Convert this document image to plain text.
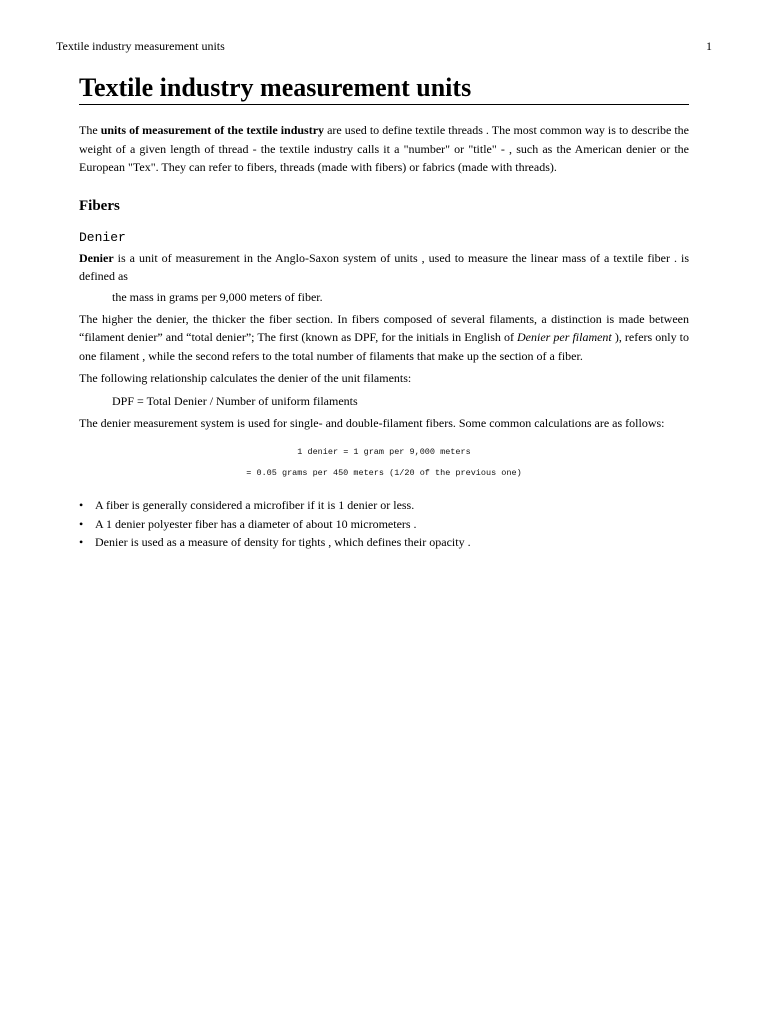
Textile industry measurement units	1
Textile industry measurement units

The units of measurement of the textile industry are used to define textile threads . The most common way is to describe the weight of a given length of thread - the textile industry calls it a "number" or "title" - , such as the American denier or the European "Tex". They can refer to fibers, threads (made with fibers) or fabrics (made with threads).

Fibers
Denier

Denier is a unit of measurement in the Anglo-Saxon system of units , used to measure the linear mass of a textile fiber . is defined as

the mass in grams per 9,000 meters of fiber.

The higher the denier, the thicker the fiber section. In fibers composed of several filaments, a distinction is made between “filament denier” and “total denier”; The first (known as DPF, for the initials in English of Denier per filament ), refers only to one filament , while the second refers to the total number of filaments that make up the section of a fiber.

The following relationship calculates the denier of the unit filaments:

DPF = Total Denier / Number of uniform filaments

The denier measurement system is used for single- and double-filament fibers. Some common calculations are as follows:

1 denier = 1 gram per 9,000 meters
= 0.05 grams per 450 meters (1/20 of the previous one)
• A fiber is generally considered a microfiber if it is 1 denier or less.
• A 1 denier polyester fiber has a diameter of about 10 micrometers .
• Denier is used as a measure of density for tights , which defines their opacity .
